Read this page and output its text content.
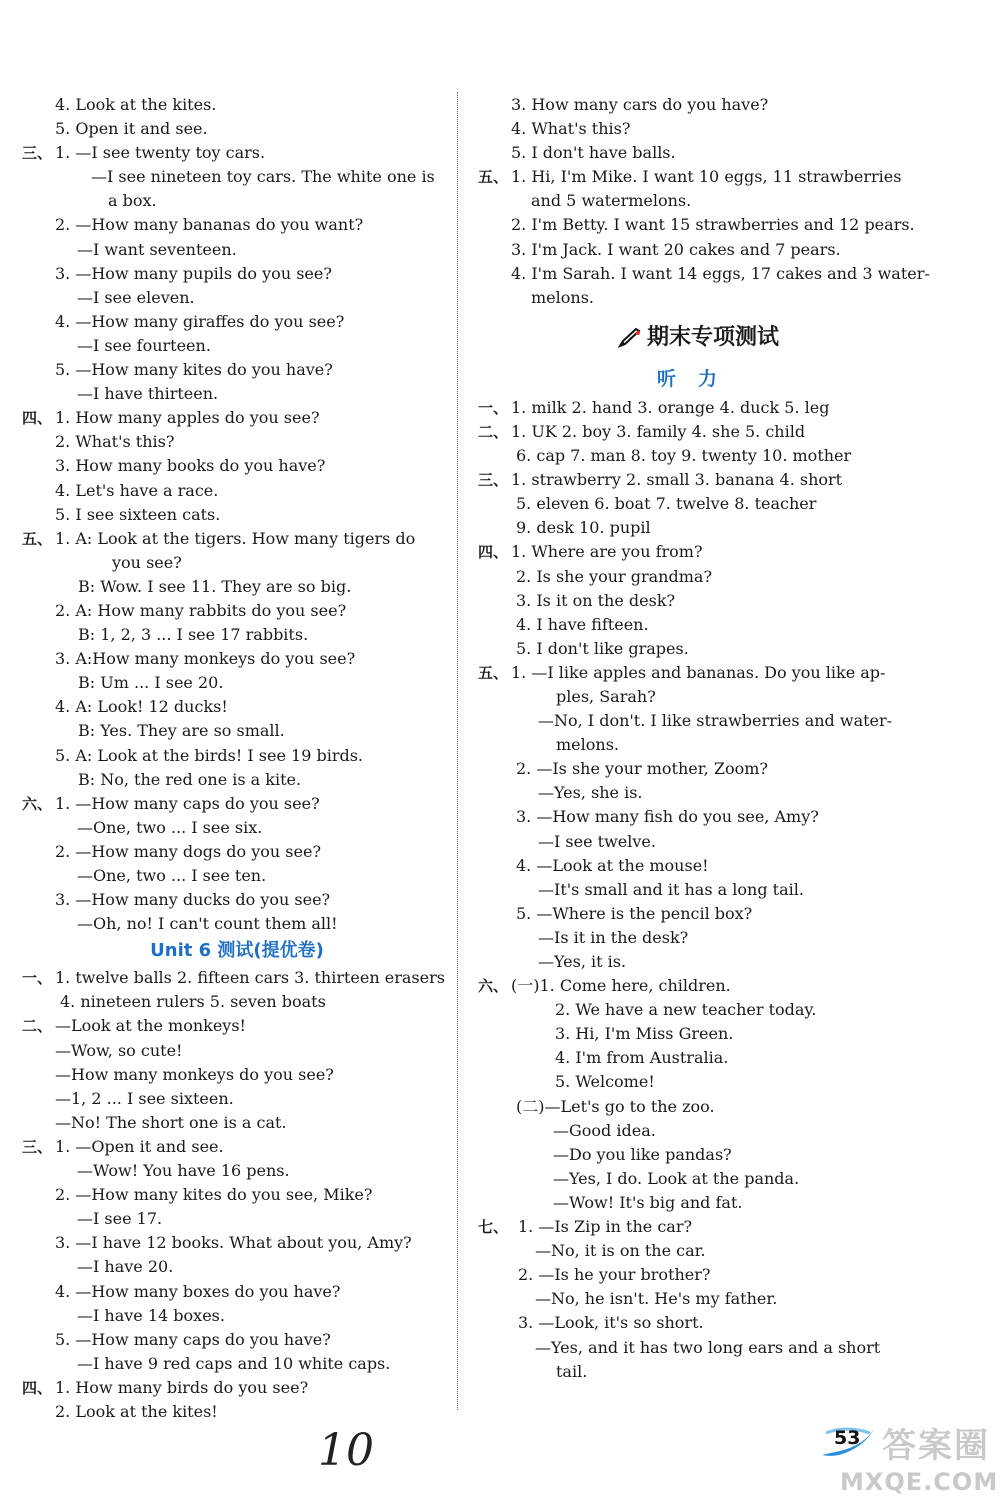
4. Look at the kites.
5. Open it and see.
三、 1. —I see twenty toy cars.
—I see nineteen toy cars. The white one is
a box.
2. —How many bananas do you want?
—I want seventeen.
3. —How many pupils do you see?
—I see eleven.
4. —How many giraffes do you see?
—I see fourteen.
5. —How many kites do you have?
—I have thirteen.
四、 1. How many apples do you see?
2. What's this?
3. How many books do you have?
4. Let's have a race.
5. I see sixteen cats.
五、 1. A: Look at the tigers. How many tigers do
you see?
B: Wow. I see 11. They are so big.
2. A: How many rabbits do you see?
B: 1, 2, 3 ... I see 17 rabbits.
3. A:How many monkeys do you see?
B: Um ... I see 20.
4. A: Look! 12 ducks!
B: Yes. They are so small.
5. A: Look at the birds! I see 19 birds.
B: No, the red one is a kite.
六、 1. —How many caps do you see?
—One, two ... I see six.
2. —How many dogs do you see?
—One, two ... I see ten.
3. —How many ducks do you see?
—Oh, no! I can't count them all!
Unit 6 测试(提优卷)
一、 1. twelve balls 2. fifteen cars 3. thirteen erasers
4. nineteen rulers 5. seven boats
二、 —Look at the monkeys!
—Wow, so cute!
—How many monkeys do you see?
—1, 2 ... I see sixteen.
—No! The short one is a cat.
三、 1. —Open it and see.
—Wow! You have 16 pens.
2. —How many kites do you see, Mike?
—I see 17.
3. —I have 12 books. What about you, Amy?
—I have 20.
4. —How many boxes do you have?
—I have 14 boxes.
5. —How many caps do you have?
—I have 9 red caps and 10 white caps.
四、 1. How many birds do you see?
2. Look at the kites!
3. How many cars do you have?
4. What's this?
5. I don't have balls.
五、 1. Hi, I'm Mike. I want 10 eggs, 11 strawberries
and 5 watermelons.
2. I'm Betty. I want 15 strawberries and 12 pears.
3. I'm Jack. I want 20 cakes and 7 pears.
4. I'm Sarah. I want 14 eggs, 17 cakes and 3 water-
melons.
期末专项测试
听力
一、 1. milk 2. hand 3. orange 4. duck 5. leg
二、 1. UK 2. boy 3. family 4. she 5. child
6. cap 7. man 8. toy 9. twenty 10. mother
三、 1. strawberry 2. small 3. banana 4. short
5. eleven 6. boat 7. twelve 8. teacher
9. desk 10. pupil
四、 1. Where are you from?
2. Is she your grandma?
3. Is it on the desk?
4. I have fifteen.
5. I don't like grapes.
五、 1. —I like apples and bananas. Do you like ap-
ples, Sarah?
—No, I don't. I like strawberries and water-
melons.
2. —Is she your mother, Zoom?
—Yes, she is.
3. —How many fish do you see, Amy?
—I see twelve.
4. —Look at the mouse!
—It's small and it has a long tail.
5. —Where is the pencil box?
—Is it in the desk?
—Yes, it is.
六、 (一)1. Come here, children.
2. We have a new teacher today.
3. Hi, I'm Miss Green.
4. I'm from Australia.
5. Welcome!
(二)—Let's go to the zoo.
—Good idea.
—Do you like pandas?
—Yes, I do. Look at the panda.
—Wow! It's big and fat.
七、 1. —Is Zip in the car?
—No, it is on the car.
2. —Is he your brother?
—No, he isn't. He's my father.
3. —Look, it's so short.
—Yes, and it has two long ears and a short
tail.
10	53 答案圈
MXQE.COM
